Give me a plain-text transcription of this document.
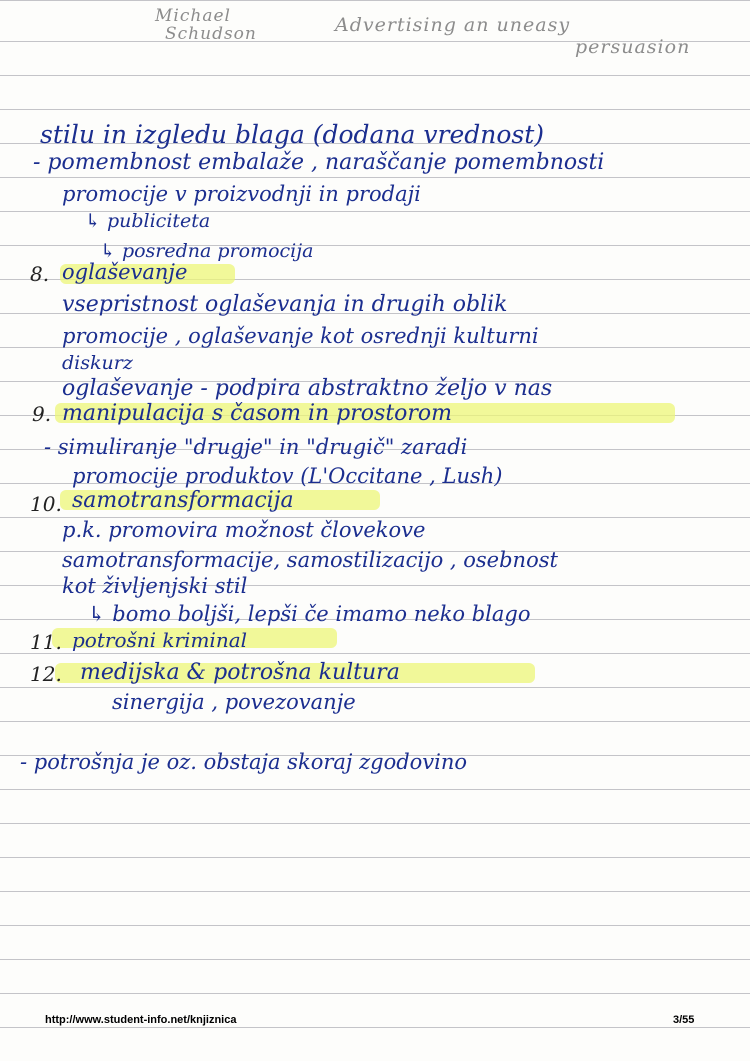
Michael
Schudson	Advertising an uneasy
persuasion
stilu in izgledu blaga (dodana vrednost)
- pomembnost embalaže , naraščanje pomembnosti
promocije v proizvodnji in prodaji
↳ publiciteta
↳ posredna promocija
8. oglaševanje
vsepristnost oglaševanja in drugih oblik
promocije , oglaševanje kot osrednji kulturni
diskurz
oglaševanje - podpira abstraktno željo v nas
9. manipulacija s časom in prostorom
- simuliranje "drugje" in "drugič" zaradi
promocije produktov (L'Occitane , Lush)
10. samotransformacija
p.k. promovira možnost človekove
samotransformacije, samostilizacijo , osebnost
kot življenjski stil
↳ bomo boljši, lepši če imamo neko blago
11. potrošni kriminal
12. medijska & potrošna kultura
sinergija , povezovanje
- potrošnja je oz. obstaja skoraj zgodovino
http://www.student-info.net/knjiznica	3/55
